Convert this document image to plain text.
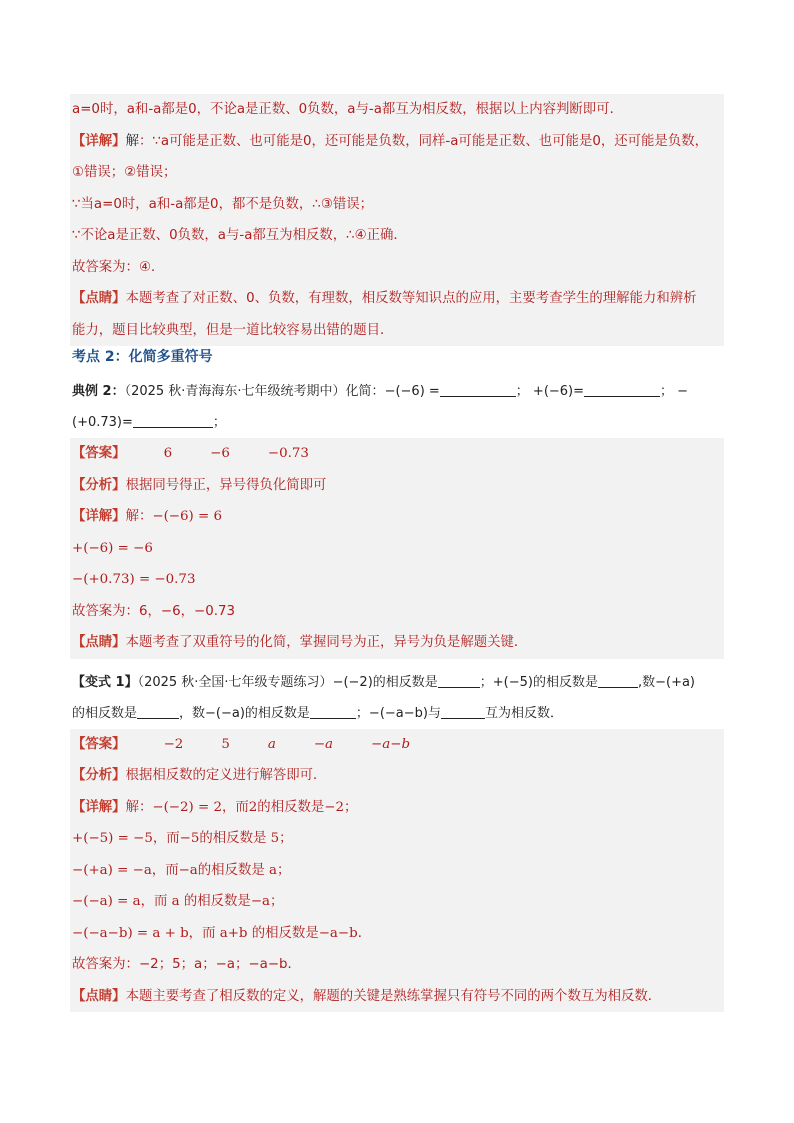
a=0时，a和-a都是0，不论a是正数、0负数，a与-a都互为相反数，根据以上内容判断即可．
【详解】解：∵a可能是正数、也可能是0，还可能是负数，同样-a可能是正数、也可能是0，还可能是负数，
①错误；②错误；
∵当a=0时，a和-a都是0，都不是负数，∴③错误；
∵不论a是正数、0负数，a与-a都互为相反数，∴④正确．
故答案为：④．
【点睛】本题考查了对正数、0、负数，有理数，相反数等知识点的应用，主要考查学生的理解能力和辨析
能力，题目比较典型，但是一道比较容易出错的题目．
考点 2：化简多重符号
典例 2：（2025 秋·青海海东·七年级统考期中）化简：−(−6) =	； +(−6)=	； −
(+0.73)=	；
【答案】	6	−6	−0.73
【分析】根据同号得正，异号得负化简即可
【详解】解：−(−6) = 6
+(−6) = −6
−(+0.73) = −0.73
故答案为：6，−6，−0.73
【点睛】本题考查了双重符号的化简，掌握同号为正，异号为负是解题关键．
【变式 1】（2025 秋·全国·七年级专题练习）−(−2)的相反数是	；+(−5)的相反数是	,数−(+a)
的相反数是	，数−(−a)的相反数是	；−(−a−b)与	互为相反数．
【答案】	−2	5	a	−a	−a−b
【分析】根据相反数的定义进行解答即可．
【详解】解：−(−2) = 2，而2的相反数是−2；
+(−5) = −5，而−5的相反数是 5；
−(+a) = −a，而−a的相反数是 a；
−(−a) = a，而 a 的相反数是−a；
−(−a−b) = a + b，而 a+b 的相反数是−a−b．
故答案为：−2；5；a；−a；−a−b．
【点睛】本题主要考查了相反数的定义，解题的关键是熟练掌握只有符号不同的两个数互为相反数．
